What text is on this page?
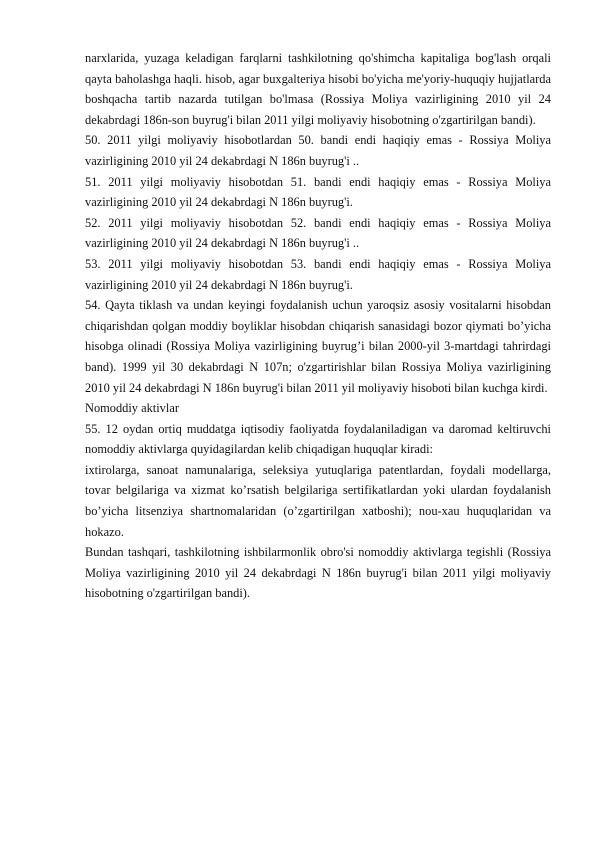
narxlarida, yuzaga keladigan farqlarni tashkilotning qo'shimcha kapitaliga bog'lash orqali qayta baholashga haqli. hisob, agar buxgalteriya hisobi bo'yicha me'yoriy-huquqiy hujjatlarda boshqacha tartib nazarda tutilgan bo'lmasa (Rossiya Moliya vazirligining 2010 yil 24 dekabrdagi 186n-son buyrug'i bilan 2011 yilgi moliyaviy hisobotning o'zgartirilgan bandi).

50. 2011 yilgi moliyaviy hisobotlardan 50. bandi endi haqiqiy emas - Rossiya Moliya vazirligining 2010 yil 24 dekabrdagi N 186n buyrug'i ..

51. 2011 yilgi moliyaviy hisobotdan 51. bandi endi haqiqiy emas - Rossiya Moliya vazirligining 2010 yil 24 dekabrdagi N 186n buyrug'i.

52. 2011 yilgi moliyaviy hisobotdan 52. bandi endi haqiqiy emas - Rossiya Moliya vazirligining 2010 yil 24 dekabrdagi N 186n buyrug'i ..

53. 2011 yilgi moliyaviy hisobotdan 53. bandi endi haqiqiy emas - Rossiya Moliya vazirligining 2010 yil 24 dekabrdagi N 186n buyrug'i.

54. Qayta tiklash va undan keyingi foydalanish uchun yaroqsiz asosiy vositalarni hisobdan chiqarishdan qolgan moddiy boyliklar hisobdan chiqarish sanasidagi bozor qiymati bo’yicha hisobga olinadi (Rossiya Moliya vazirligining buyrug’i bilan 2000-yil 3-martdagi tahrirdagi band). 1999 yil 30 dekabrdagi N 107n; o'zgartirishlar bilan Rossiya Moliya vazirligining 2010 yil 24 dekabrdagi N 186n buyrug'i bilan 2011 yil moliyaviy hisoboti bilan kuchga kirdi.

Nomoddiy aktivlar

55. 12 oydan ortiq muddatga iqtisodiy faoliyatda foydalaniladigan va daromad keltiruvchi nomoddiy aktivlarga quyidagilardan kelib chiqadigan huquqlar kiradi:

ixtirolarga, sanoat namunalariga, seleksiya yutuqlariga patentlardan, foydali modellarga, tovar belgilariga va xizmat ko’rsatish belgilariga sertifikatlardan yoki ulardan foydalanish bo’yicha litsenziya shartnomalaridan (o’zgartirilgan xatboshi); nou-xau huquqlaridan va hokazo.

Bundan tashqari, tashkilotning ishbilarmonlik obro'si nomoddiy aktivlarga tegishli (Rossiya Moliya vazirligining 2010 yil 24 dekabrdagi N 186n buyrug'i bilan 2011 yilgi moliyaviy hisobotning o'zgartirilgan bandi).
